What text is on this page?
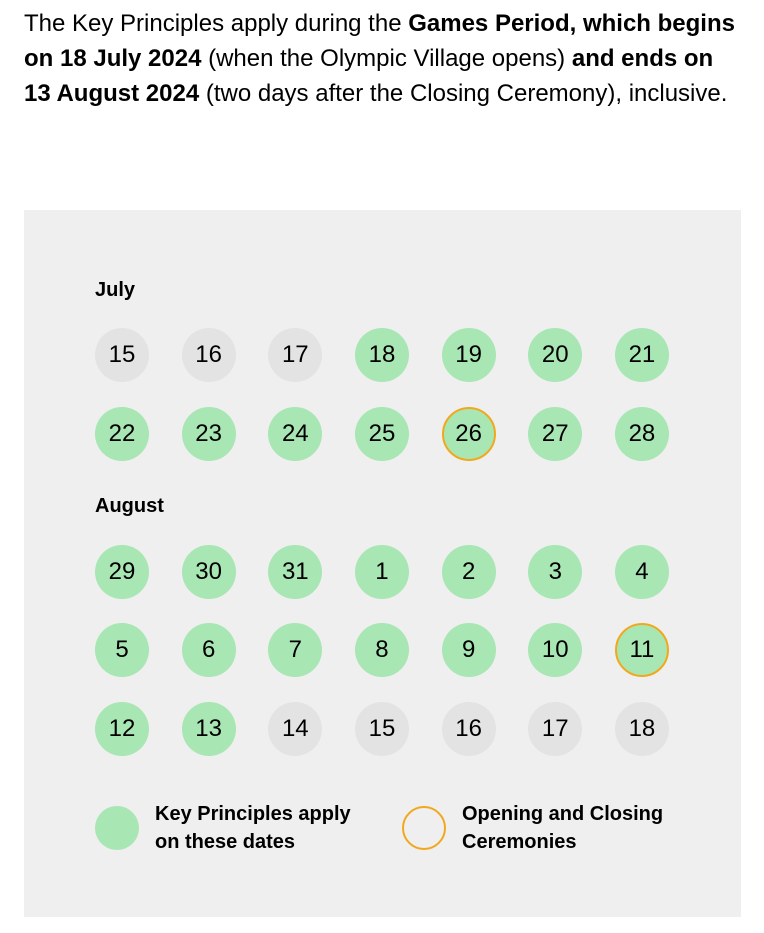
The Key Principles apply during the Games Period, which begins on 18 July 2024 (when the Olympic Village opens) and ends on 13 August 2024 (two days after the Closing Ceremony), inclusive.

July
15	16	17	18	19	20	21
22	23	24	25	26	27	28
August
29	30	31	1	2	3	4
5	6	7	8	9	10	11
12	13	14	15	16	17	18
Key Principles apply on these dates
Opening and Closing Ceremonies
